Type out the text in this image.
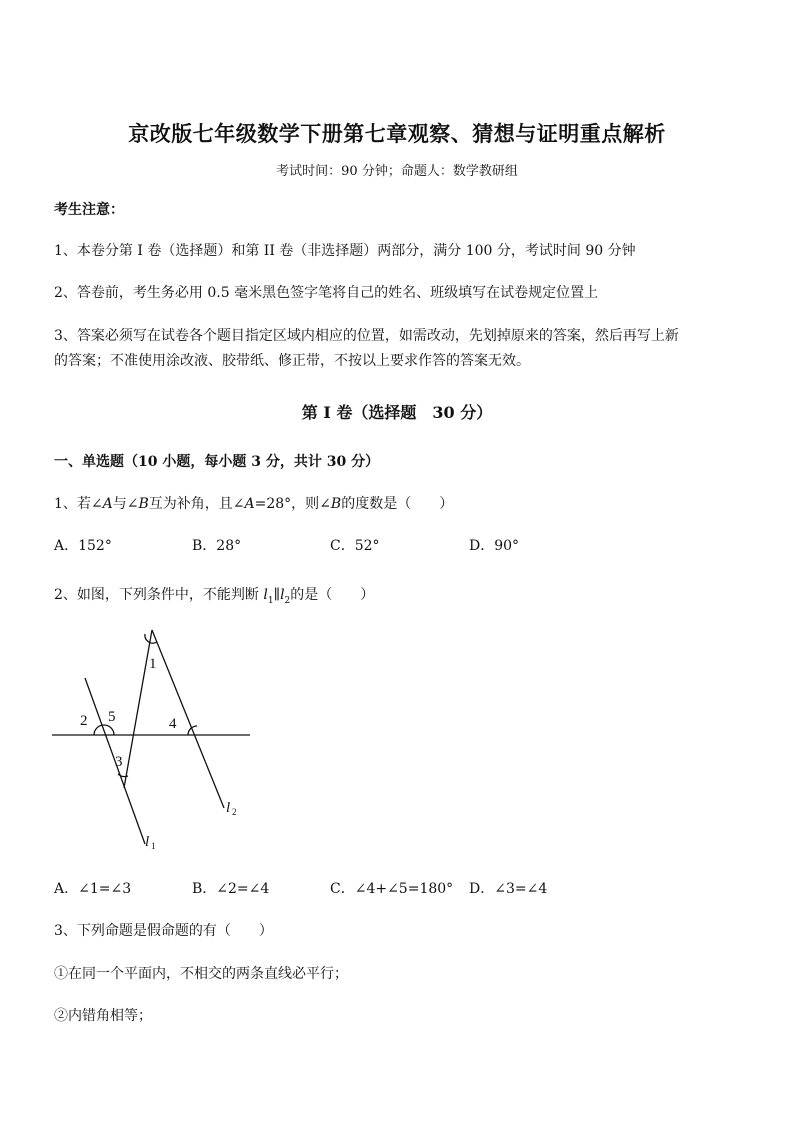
京改版七年级数学下册第七章观察、猜想与证明重点解析
考试时间：90 分钟；命题人：数学教研组
考生注意：
1、本卷分第 I 卷（选择题）和第 II 卷（非选择题）两部分，满分 100 分，考试时间 90 分钟
2、答卷前，考生务必用 0.5 毫米黑色签字笔将自己的姓名、班级填写在试卷规定位置上
3、答案必须写在试卷各个题目指定区域内相应的位置，如需改动，先划掉原来的答案，然后再写上新
的答案；不准使用涂改液、胶带纸、修正带，不按以上要求作答的答案无效。
第 I 卷（选择题　30 分）
一、单选题（10 小题，每小题 3 分，共计 30 分）
1、若∠A与∠B互为补角，且∠A=28°，则∠B的度数是（　　）
A．152°	B．28°	C．52°	D．90°
2、如图，下列条件中，不能判断 $l_1\parallel l_2$的是（　　）
1
2 5	4
3
l 2
l 1
A．∠1=∠3	B．∠2=∠4	C．∠4+∠5=180° D．∠3=∠4
3、下列命题是假命题的有（　　）
①在同一个平面内，不相交的两条直线必平行；
②内错角相等；
